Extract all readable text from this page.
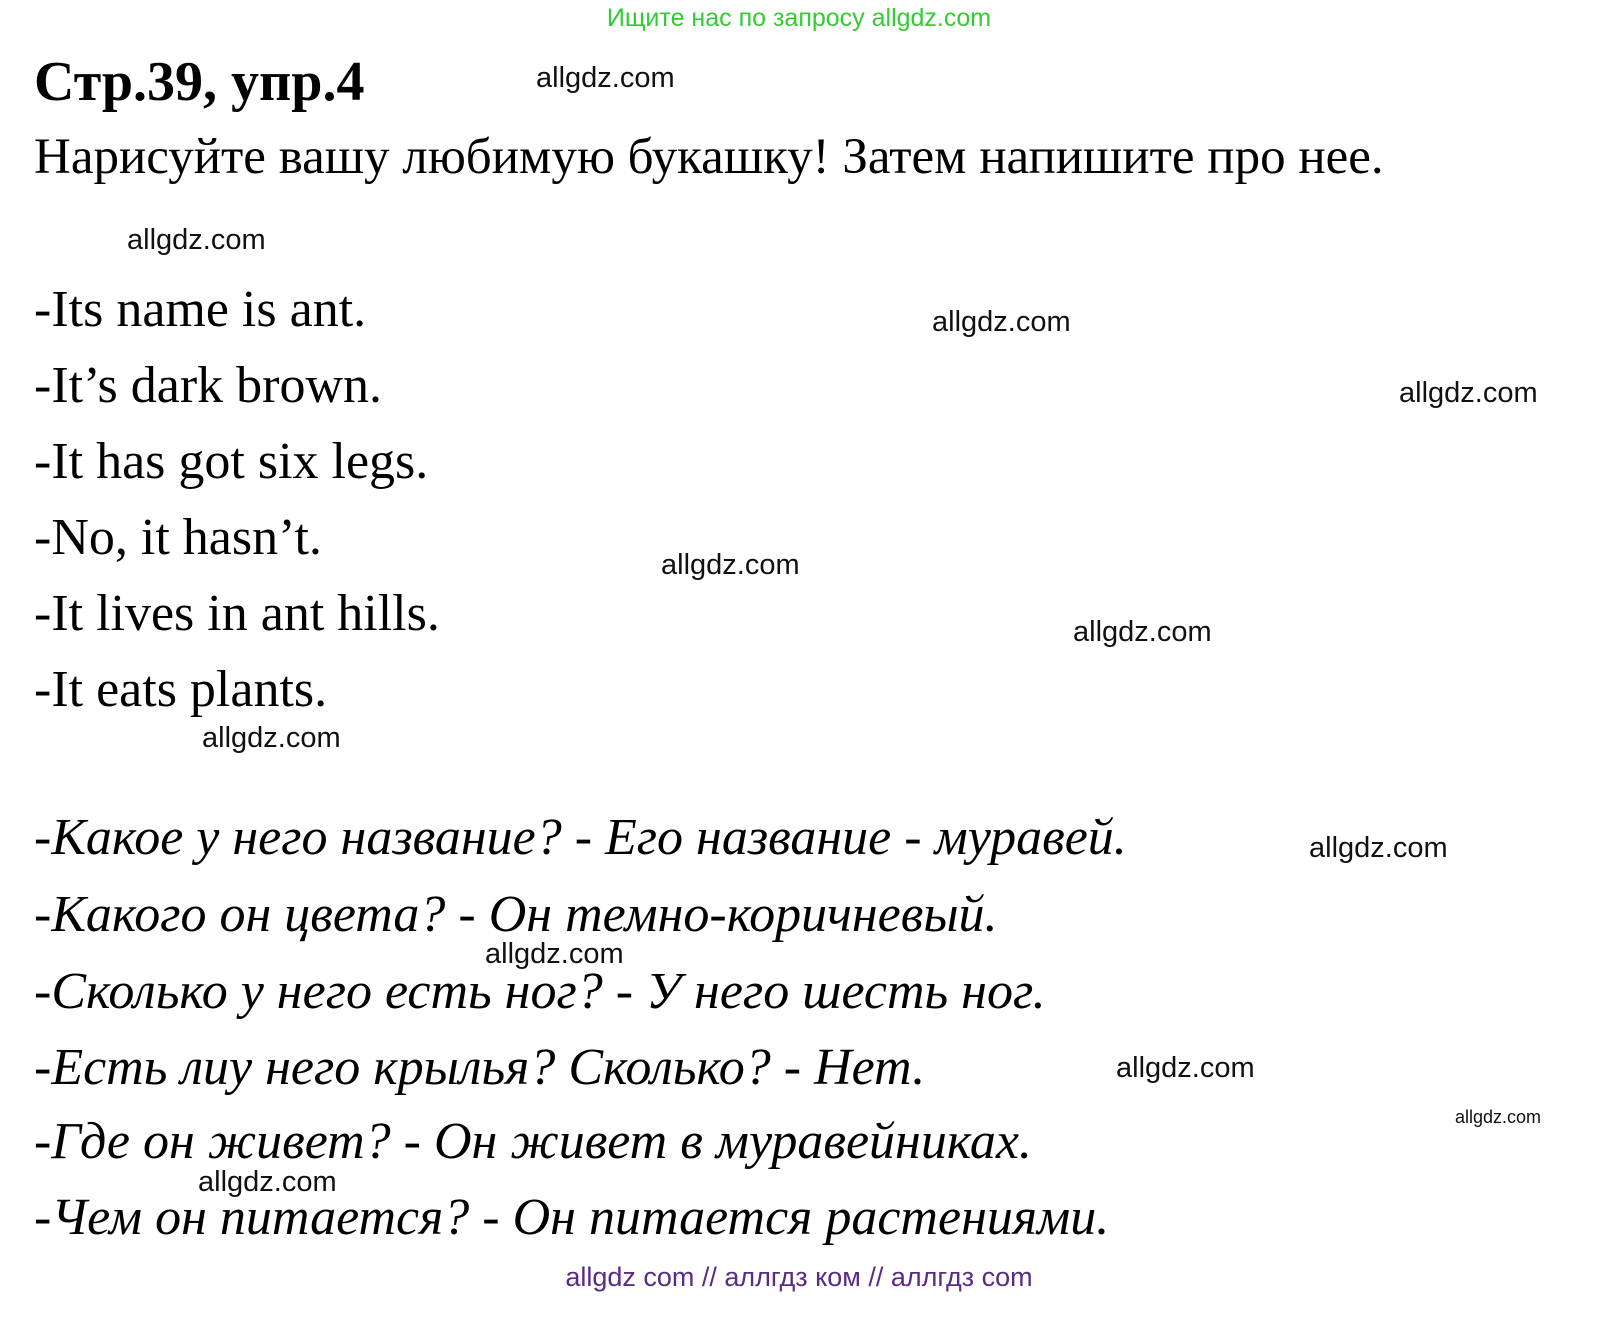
Ищите нас по запросу allgdz.com
Стр.39, упр.4
Нарисуйте вашу любимую букашку! Затем напишите про нее.
-Its name is ant.
-It’s dark brown.
-It has got six legs.
-No, it hasn’t.
-It lives in ant hills.
-It eats plants.
-Какое у него название? - Его название - муравей.
-Какого он цвета? - Он темно-коричневый.
-Сколько у него есть ног? - У него шесть ног.
-Есть лиу него крылья? Сколько? - Нет.
-Где он живет? - Он живет в муравейниках.
-Чем он питается? - Он питается растениями.
allgdz.com
allgdz.com
allgdz.com
allgdz.com
allgdz.com
allgdz.com
allgdz.com
allgdz.com
allgdz.com
allgdz.com
allgdz.com
allgdz.com
allgdz com // аллгдз ком // аллгдз com
